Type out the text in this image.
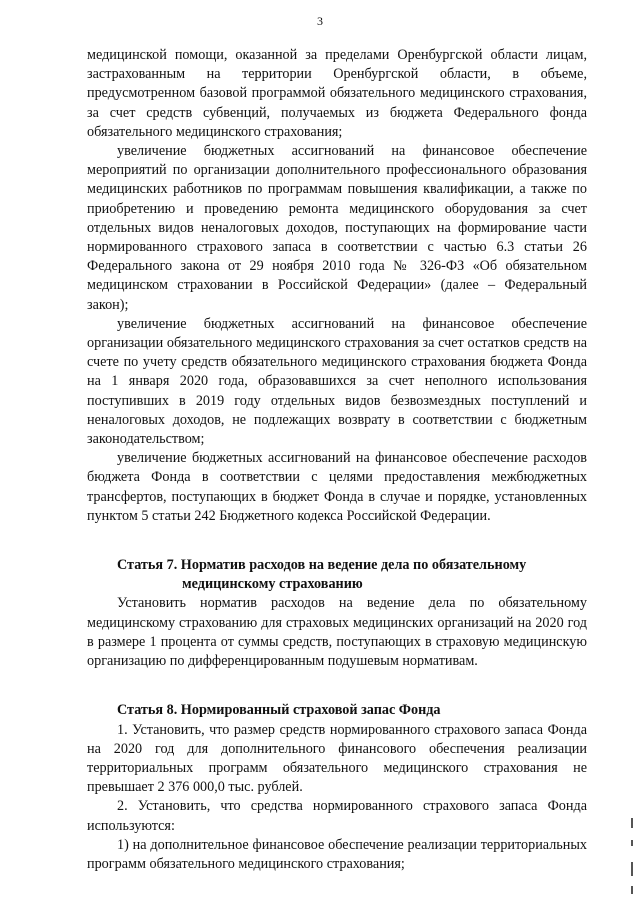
3

медицинской помощи, оказанной за пределами Оренбургской области лицам, застрахованным на территории Оренбургской области, в объеме, предусмотренном базовой программой обязательного медицинского страхования, за счет средств субвенций, получаемых из бюджета Федерального фонда обязательного медицинского страхования;

увеличение бюджетных ассигнований на финансовое обеспечение мероприятий по организации дополнительного профессионального образования медицинских работников по программам повышения квалификации, а также по приобретению и проведению ремонта медицинского оборудования за счет отдельных видов неналоговых доходов, поступающих на формирование части нормированного страхового запаса в соответствии с частью 6.3 статьи 26 Федерального закона от 29 ноября 2010 года № 326-ФЗ «Об обязательном медицинском страховании в Российской Федерации» (далее – Федеральный закон);

увеличение бюджетных ассигнований на финансовое обеспечение организации обязательного медицинского страхования за счет остатков средств на счете по учету средств обязательного медицинского страхования бюджета Фонда на 1 января 2020 года, образовавшихся за счет неполного использования поступивших в 2019 году отдельных видов безвозмездных поступлений и неналоговых доходов, не подлежащих возврату в соответствии с бюджетным законодательством;

увеличение бюджетных ассигнований на финансовое обеспечение расходов бюджета Фонда в соответствии с целями предоставления межбюджетных трансфертов, поступающих в бюджет Фонда в случае и порядке, установленных пунктом 5 статьи 242 Бюджетного кодекса Российской Федерации.

Статья 7. Норматив расходов на ведение дела по обязательному
медицинскому страхованию

Установить норматив расходов на ведение дела по обязательному медицинскому страхованию для страховых медицинских организаций на 2020 год в размере 1 процента от суммы средств, поступающих в страховую медицинскую организацию по дифференцированным подушевым нормативам.

Статья 8. Нормированный страховой запас Фонда

1. Установить, что размер средств нормированного страхового запаса Фонда на 2020 год для дополнительного финансового обеспечения реализации территориальных программ обязательного медицинского страхования не превышает 2 376 000,0 тыс. рублей.

2. Установить, что средства нормированного страхового запаса Фонда используются:

1) на дополнительное финансовое обеспечение реализации территориальных программ обязательного медицинского страхования;
